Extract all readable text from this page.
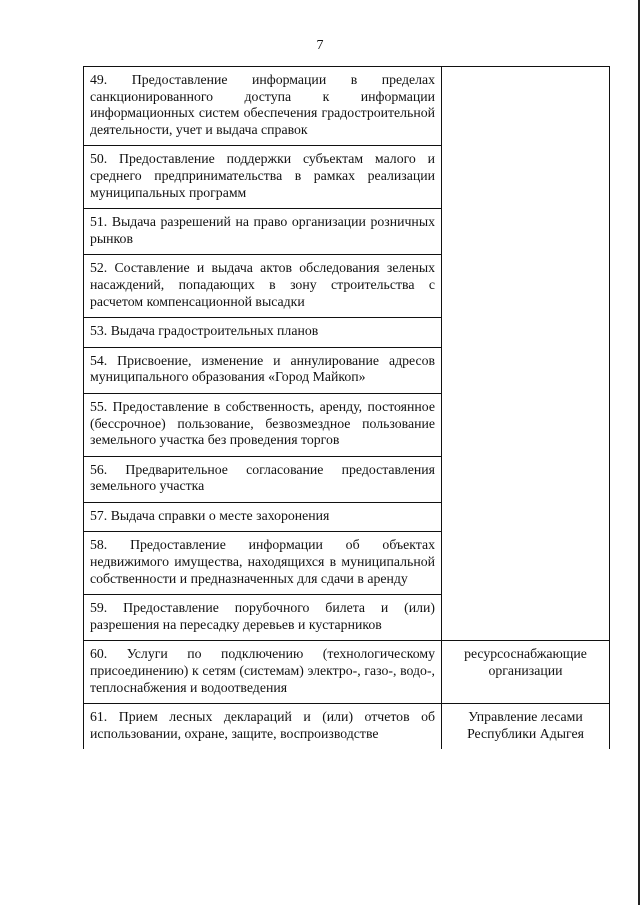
7
49. Предоставление информации в пределах санкционированного доступа к информации информационных систем обеспечения градостроительной деятельности, учет и выдача справок	
50. Предоставление поддержки субъектам малого и среднего предпринимательства в рамках реализации муниципальных программ	
51. Выдача разрешений на право организации розничных рынков	
52. Составление и выдача актов обследования зеленых насаждений, попадающих в зону строительства с расчетом компенсационной высадки	
53. Выдача градостроительных планов	
54. Присвоение, изменение и аннулирование адресов муниципального образования «Город Майкоп»	
55. Предоставление в собственность, аренду, постоянное (бессрочное) пользование, безвозмездное пользование земельного участка без проведения торгов	
56. Предварительное согласование предоставления земельного участка	
57. Выдача справки о месте захоронения	
58. Предоставление информации об объектах недвижимого имущества, находящихся в муниципальной собственности и предназначенных для сдачи в аренду	
59. Предоставление порубочного билета и (или) разрешения на пересадку деревьев и кустарников	
60. Услуги по подключению (технологическому присоединению) к сетям (системам) электро-, газо-, водо-, теплоснабжения и водоотведения	ресурсоснабжающие организации
61. Прием лесных деклараций и (или) отчетов об использовании, охране, защите, воспроизводстве	Управление лесами Республики Адыгея
